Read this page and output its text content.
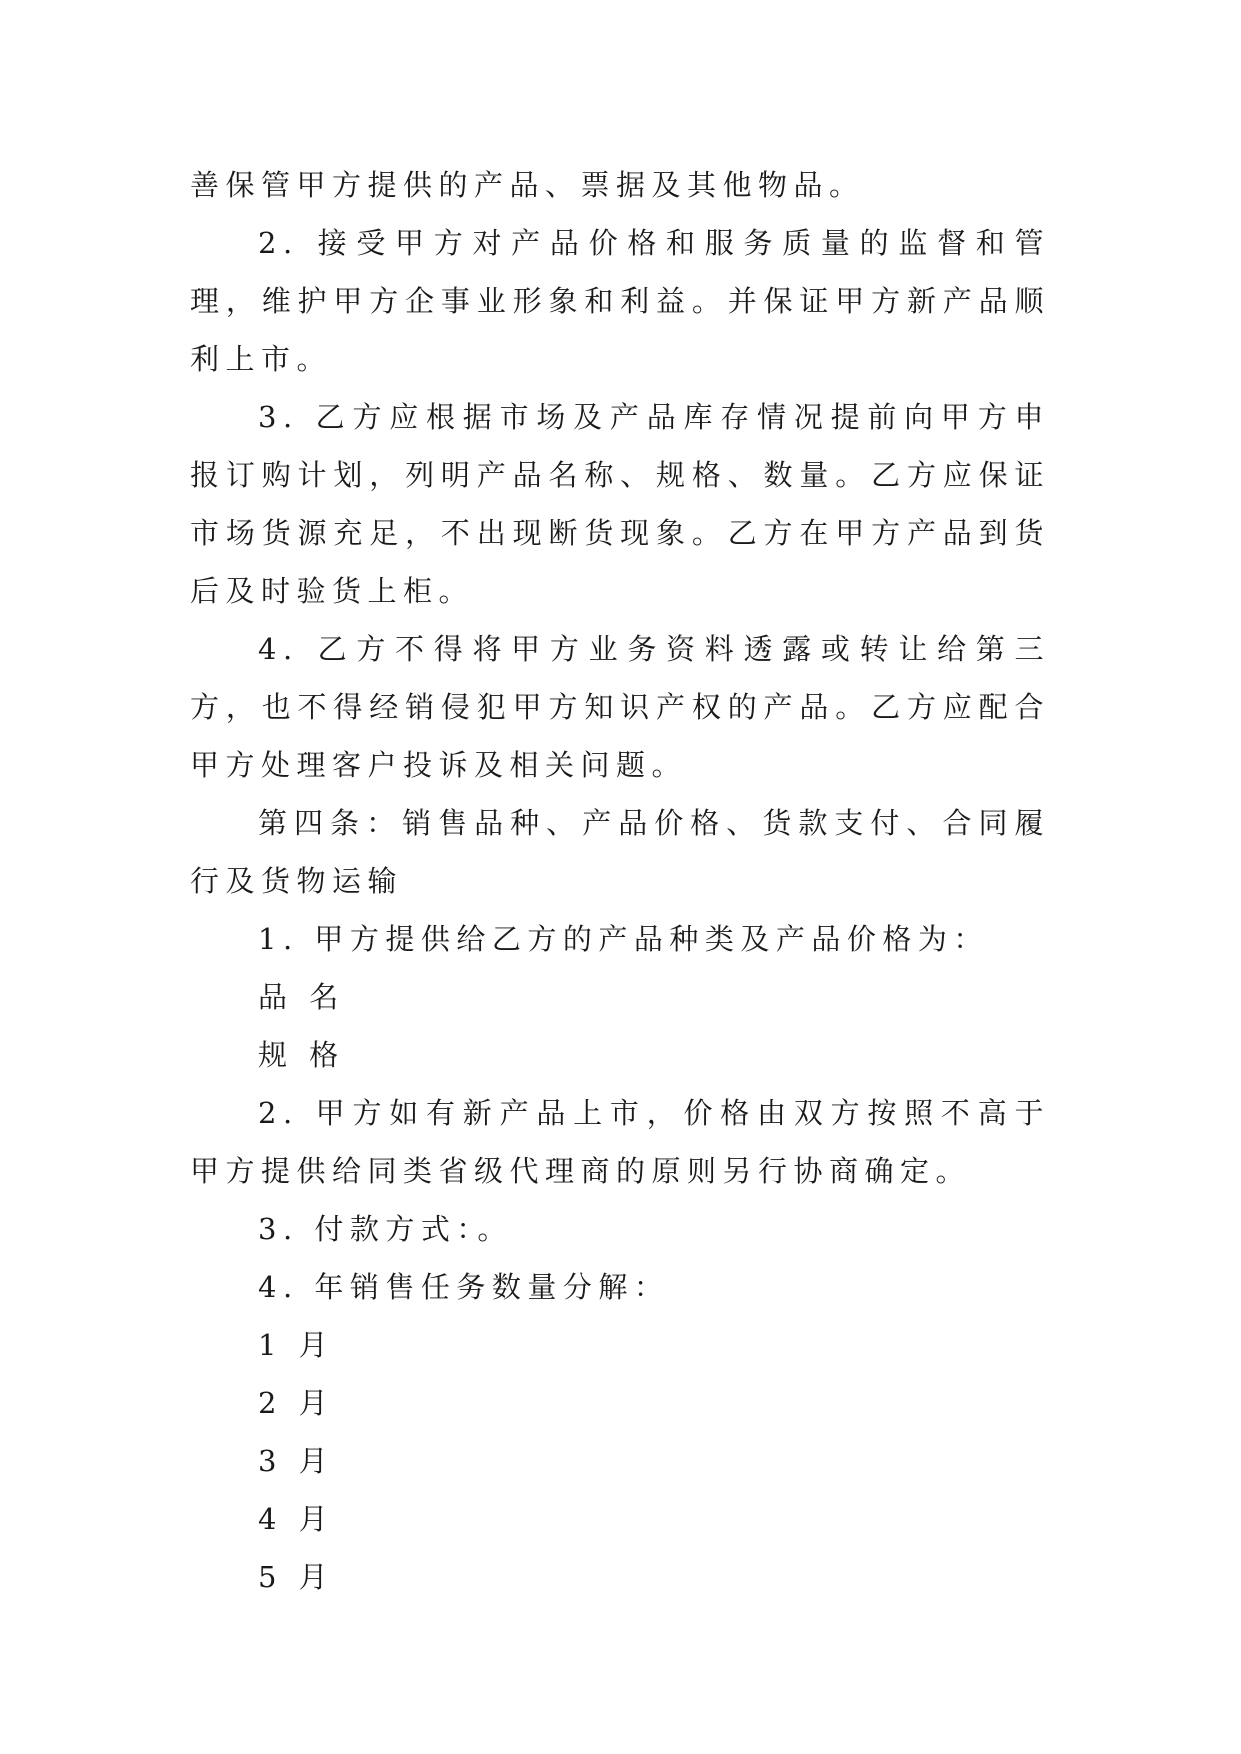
善保管甲方提供的产品、票据及其他物品。

2. 接受甲方对产品价格和服务质量的监督和管理，维护甲方企事业形象和利益。并保证甲方新产品顺利上市。

3. 乙方应根据市场及产品库存情况提前向甲方申报订购计划，列明产品名称、规格、数量。乙方应保证市场货源充足，不出现断货现象。乙方在甲方产品到货后及时验货上柜。

4. 乙方不得将甲方业务资料透露或转让给第三方，也不得经销侵犯甲方知识产权的产品。乙方应配合甲方处理客户投诉及相关问题。

第四条：销售品种、产品价格、货款支付、合同履行及货物运输

1. 甲方提供给乙方的产品种类及产品价格为：

品 名

规 格

2. 甲方如有新产品上市，价格由双方按照不高于甲方提供给同类省级代理商的原则另行协商确定。

3. 付款方式：。

4. 年销售任务数量分解：

1 月

2 月

3 月

4 月

5 月
